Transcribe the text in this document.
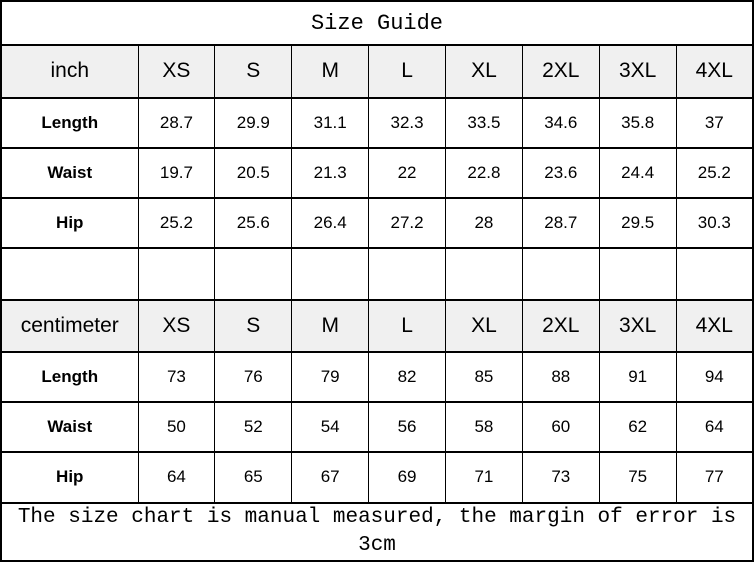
Size Guide								
inch	XS	S	M	L	XL	2XL	3XL	4XL
Length	28.7	29.9	31.1	32.3	33.5	34.6	35.8	37
Waist	19.7	20.5	21.3	22	22.8	23.6	24.4	25.2
Hip	25.2	25.6	26.4	27.2	28	28.7	29.5	30.3

centimeter	XS	S	M	L	XL	2XL	3XL	4XL
Length	73	76	79	82	85	88	91	94
Waist	50	52	54	56	58	60	62	64
Hip	64	65	67	69	71	73	75	77

The size chart is manual measured, the margin of error is
3cm								
